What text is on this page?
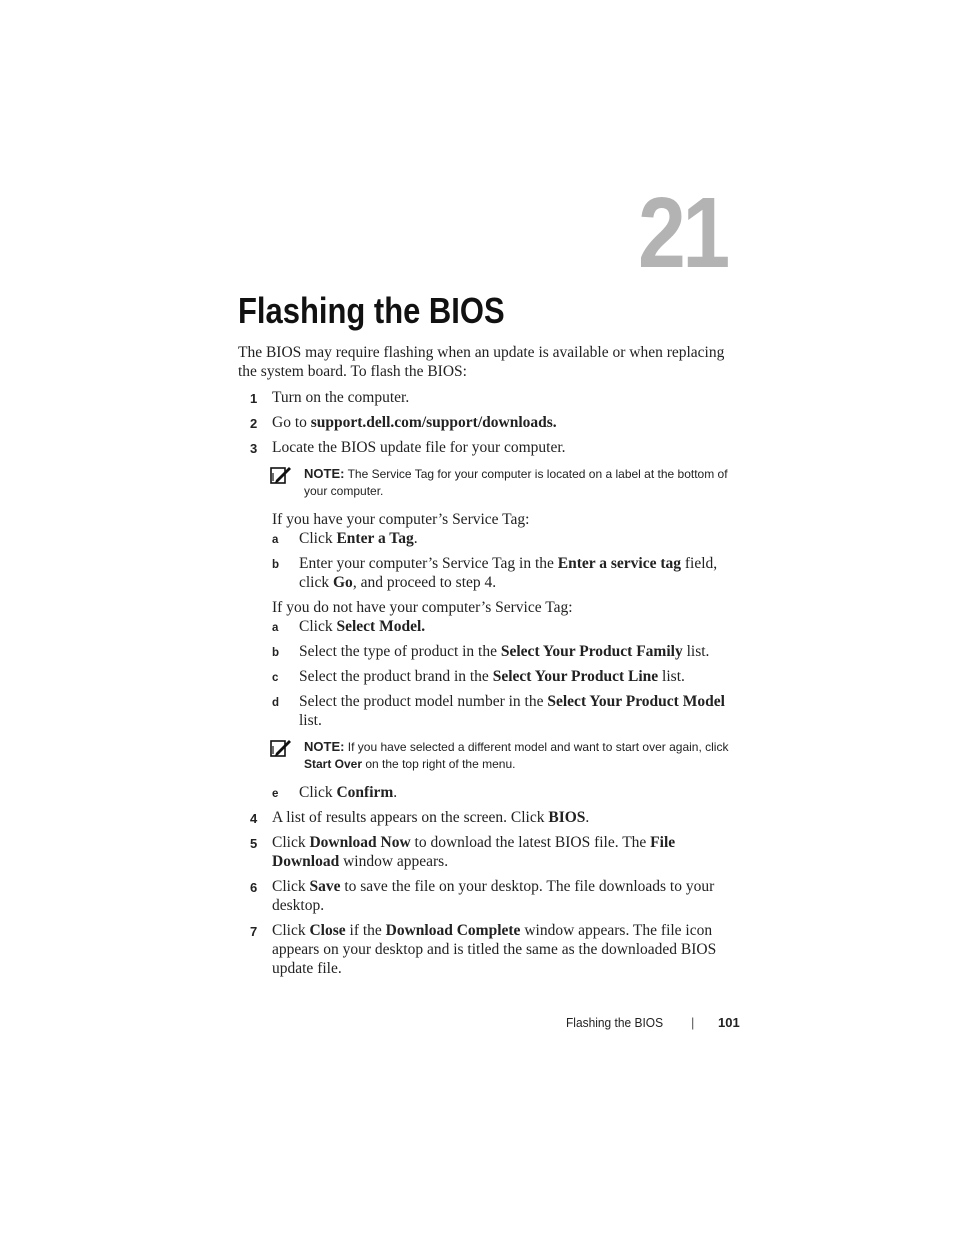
21
Flashing the BIOS

The BIOS may require flashing when an update is available or when replacing the system board. To flash the BIOS:

1 Turn on the computer.
2 Go to support.dell.com/support/downloads.
3 Locate the BIOS update file for your computer.
NOTE: The Service Tag for your computer is located on a label at the bottom of your computer.

If you have your computer’s Service Tag:

a Click Enter a Tag.
b Enter your computer’s Service Tag in the Enter a service tag field, click Go, and proceed to step 4.

If you do not have your computer’s Service Tag:

a Click Select Model.
b Select the type of product in the Select Your Product Family list.
c Select the product brand in the Select Your Product Line list.
d Select the product model number in the Select Your Product Model list.
NOTE: If you have selected a different model and want to start over again, click Start Over on the top right of the menu.
e Click Confirm.
4 A list of results appears on the screen. Click BIOS.
5 Click Download Now to download the latest BIOS file. The File Download window appears.
6 Click Save to save the file on your desktop. The file downloads to your desktop.
7 Click Close if the Download Complete window appears. The file icon appears on your desktop and is titled the same as the downloaded BIOS update file.
Flashing the BIOS | 101
